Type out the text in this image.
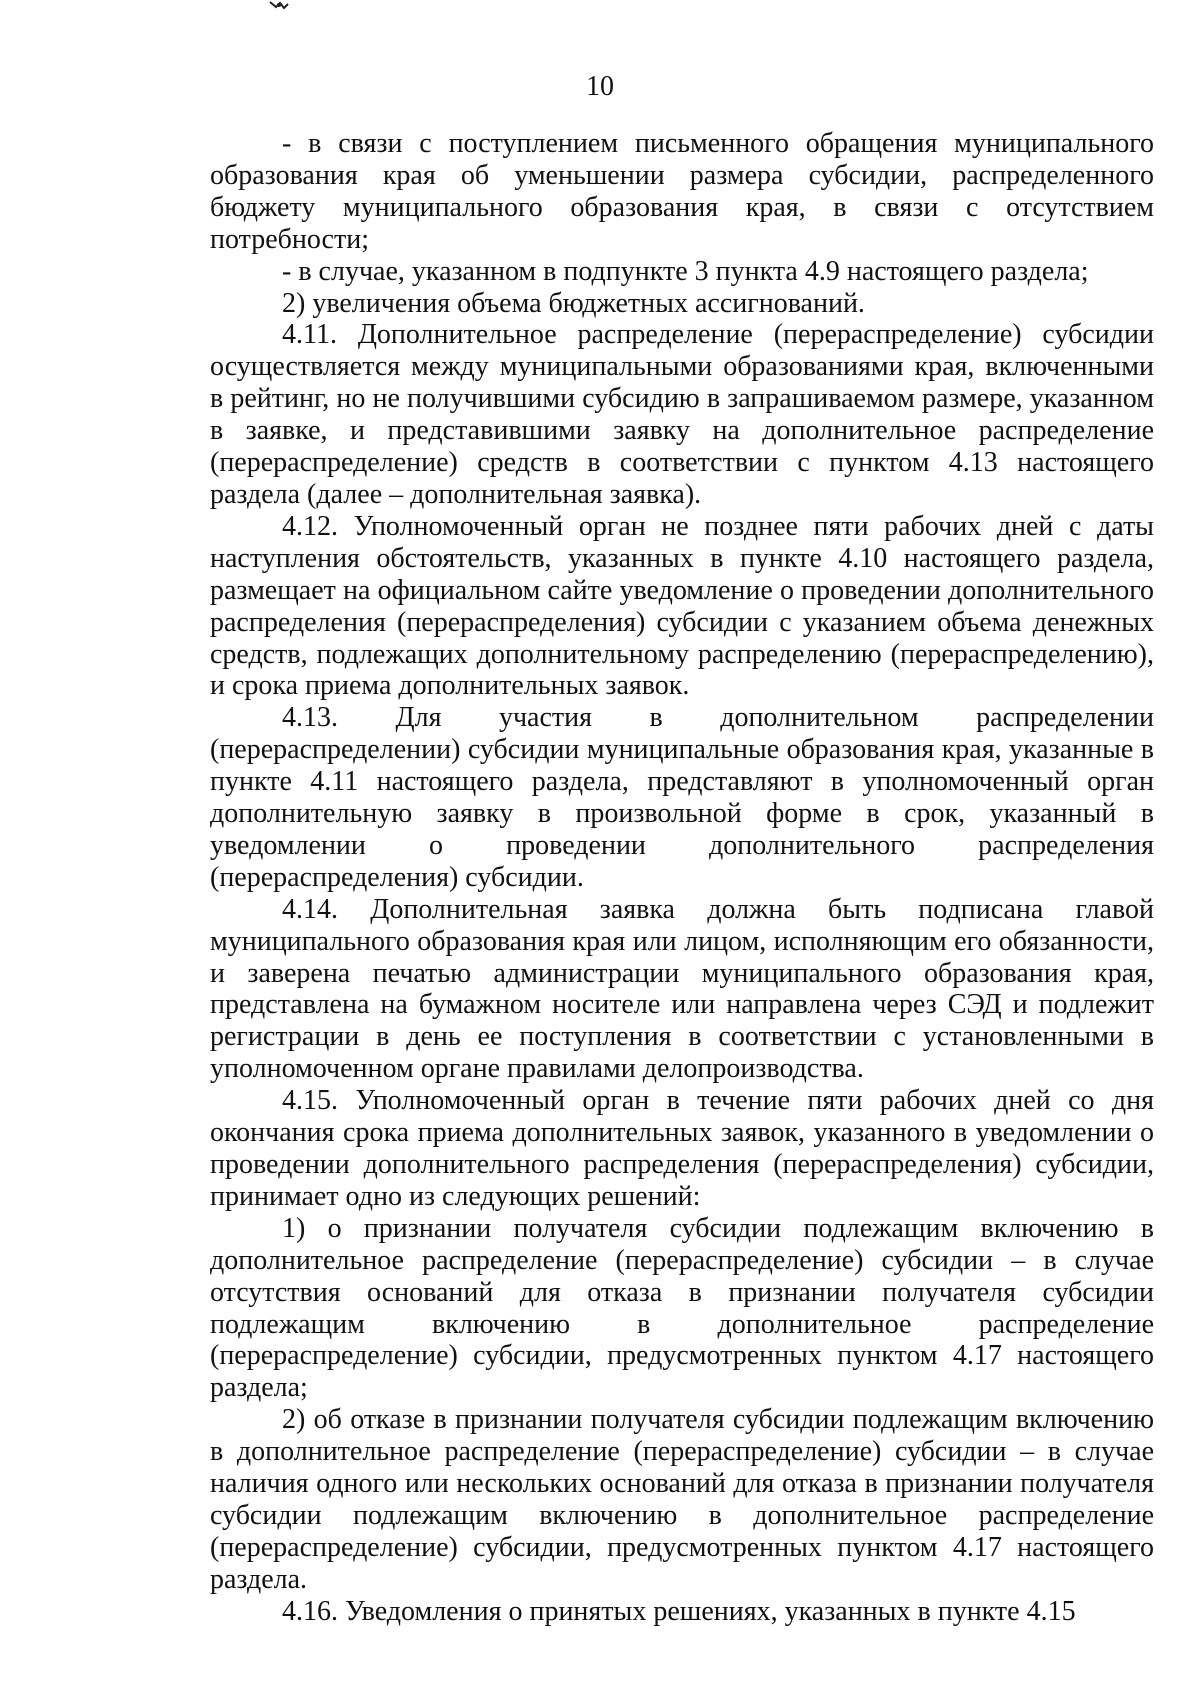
10

- в связи с поступлением письменного обращения муниципального образования края об уменьшении размера субсидии, распределенного бюджету муниципального образования края, в связи с отсутствием потребности;

- в случае, указанном в подпункте 3 пункта 4.9 настоящего раздела;

2) увеличения объема бюджетных ассигнований.

4.11. Дополнительное распределение (перераспределение) субсидии осуществляется между муниципальными образованиями края, включенными в рейтинг, но не получившими субсидию в запрашиваемом размере, указанном в заявке, и представившими заявку на дополнительное распределение (перераспределение) средств в соответствии с пунктом 4.13 настоящего раздела (далее – дополнительная заявка).

4.12. Уполномоченный орган не позднее пяти рабочих дней с даты наступления обстоятельств, указанных в пункте 4.10 настоящего раздела, размещает на официальном сайте уведомление о проведении дополнительного распределения (перераспределения) субсидии с указанием объема денежных средств, подлежащих дополнительному распределению (перераспределению), и срока приема дополнительных заявок.

4.13. Для участия в дополнительном распределении (перераспределении) субсидии муниципальные образования края, указанные в пункте 4.11 настоящего раздела, представляют в уполномоченный орган дополнительную заявку в произвольной форме в срок, указанный в уведомлении о проведении дополнительного распределения (перераспределения) субсидии.

4.14. Дополнительная заявка должна быть подписана главой муниципального образования края или лицом, исполняющим его обязанности, и заверена печатью администрации муниципального образования края, представлена на бумажном носителе или направлена через СЭД и подлежит регистрации в день ее поступления в соответствии с установленными в уполномоченном органе правилами делопроизводства.

4.15. Уполномоченный орган в течение пяти рабочих дней со дня окончания срока приема дополнительных заявок, указанного в уведомлении о проведении дополнительного распределения (перераспределения) субсидии, принимает одно из следующих решений:

1) о признании получателя субсидии подлежащим включению в дополнительное распределение (перераспределение) субсидии – в случае отсутствия оснований для отказа в признании получателя субсидии подлежащим включению в дополнительное распределение (перераспределение) субсидии, предусмотренных пунктом 4.17 настоящего раздела;

2) об отказе в признании получателя субсидии подлежащим включению в дополнительное распределение (перераспределение) субсидии – в случае наличия одного или нескольких оснований для отказа в признании получателя субсидии подлежащим включению в дополнительное распределение (перераспределение) субсидии, предусмотренных пунктом 4.17 настоящего раздела.

4.16. Уведомления о принятых решениях, указанных в пункте 4.15
